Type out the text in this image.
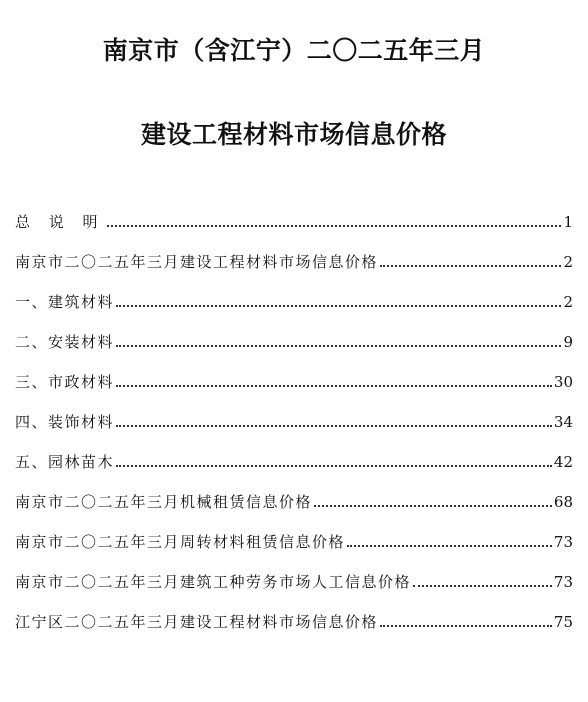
南京市（含江宁）二〇二五年三月
建设工程材料市场信息价格
总 说 明	1
南京市二〇二五年三月建设工程材料市场信息价格	2
一、建筑材料	2
二、安装材料	9
三、市政材料	30
四、装饰材料	34
五、园林苗木	42
南京市二〇二五年三月机械租赁信息价格	68
南京市二〇二五年三月周转材料租赁信息价格	73
南京市二〇二五年三月建筑工种劳务市场人工信息价格	73
江宁区二〇二五年三月建设工程材料市场信息价格	75
